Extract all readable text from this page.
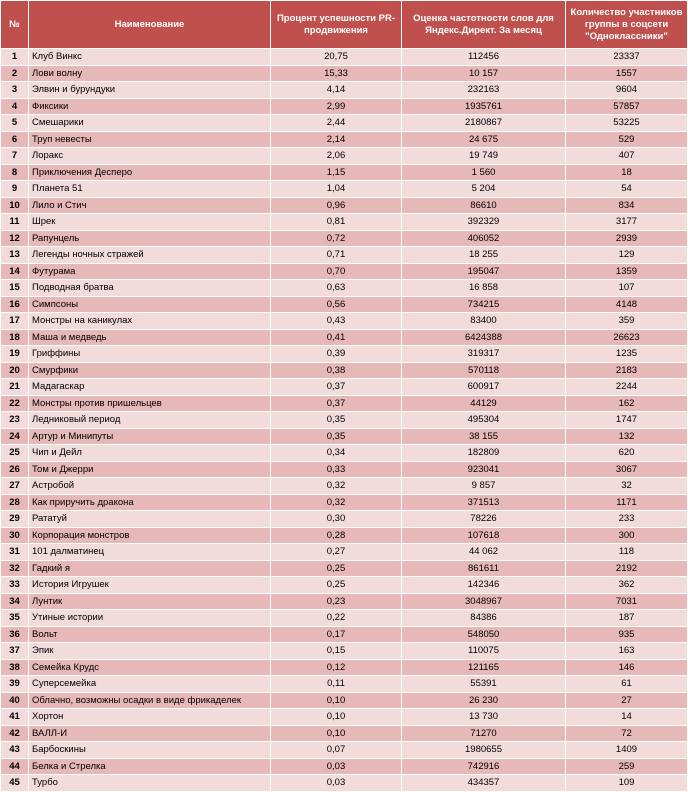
№	Наименование	Процент успешности PR-продвижения	Оценка частотности слов для Яндекс.Директ. За месяц	Количество участников группы в соцсети "Одноклассники"
1	Клуб Винкс	20,75	112456	23337
2	Лови волну	15,33	10 157	1557
3	Элвин и бурундуки	4,14	232163	9604
4	Фиксики	2,99	1935761	57857
5	Смешарики	2,44	2180867	53225
6	Труп невесты	2,14	24 675	529
7	Лоракс	2,06	19 749	407
8	Приключения Десперо	1,15	1 560	18
9	Планета 51	1,04	5 204	54
10	Лило и Стич	0,96	86610	834
11	Шрек	0,81	392329	3177
12	Рапунцель	0,72	406052	2939
13	Легенды ночных стражей	0,71	18 255	129
14	Футурама	0,70	195047	1359
15	Подводная братва	0,63	16 858	107
16	Симпсоны	0,56	734215	4148
17	Монстры на каникулах	0,43	83400	359
18	Маша и медведь	0,41	6424388	26623
19	Гриффины	0,39	319317	1235
20	Смурфики	0,38	570118	2183
21	Мадагаскар	0,37	600917	2244
22	Монстры против пришельцев	0,37	44129	162
23	Ледниковый период	0,35	495304	1747
24	Артур и Минипуты	0,35	38 155	132
25	Чип и Дейл	0,34	182809	620
26	Том и Джерри	0,33	923041	3067
27	Астробой	0,32	9 857	32
28	Как приручить дракона	0,32	371513	1171
29	Рататуй	0,30	78226	233
30	Корпорация монстров	0,28	107618	300
31	101 далматинец	0,27	44 062	118
32	Гадкий я	0,25	861611	2192
33	История Игрушек	0,25	142346	362
34	Лунтик	0,23	3048967	7031
35	Утиные истории	0,22	84386	187
36	Вольт	0,17	548050	935
37	Эпик	0,15	110075	163
38	Семейка Крудс	0,12	121165	146
39	Суперсемейка	0,11	55391	61
40	Облачно, возможны осадки в виде фрикаделек	0,10	26 230	27
41	Хортон	0,10	13 730	14
42	ВАЛЛ-И	0,10	71270	72
43	Барбоскины	0,07	1980655	1409
44	Белка и Стрелка	0,03	742916	259
45	Турбо	0,03	434357	109
